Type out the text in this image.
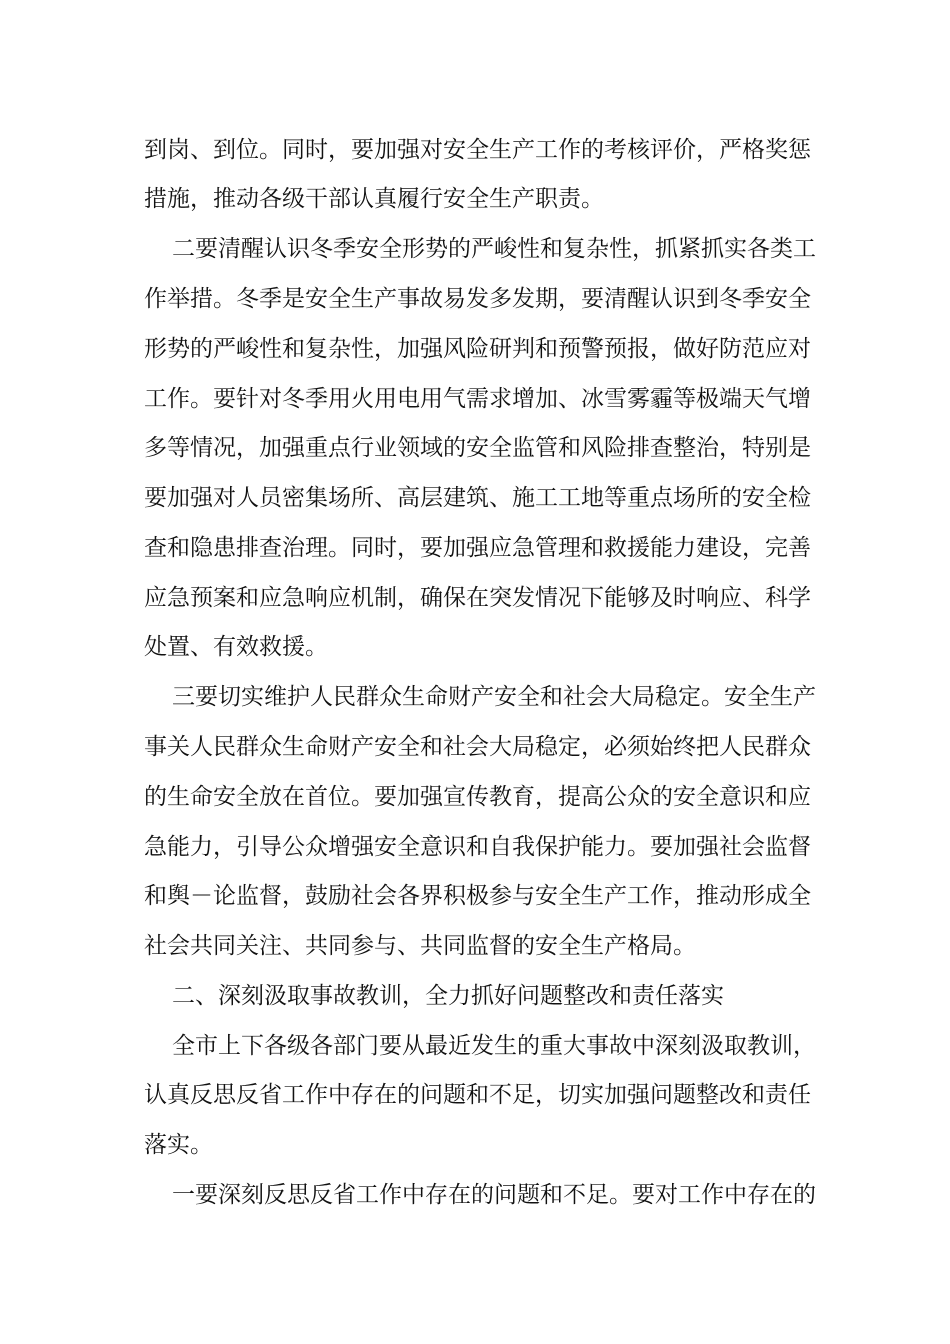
到岗、到位。同时，要加强对安全生产工作的考核评价，严格奖惩
措施，推动各级干部认真履行安全生产职责。
二要清醒认识冬季安全形势的严峻性和复杂性，抓紧抓实各类工
作举措。冬季是安全生产事故易发多发期，要清醒认识到冬季安全
形势的严峻性和复杂性，加强风险研判和预警预报，做好防范应对
工作。要针对冬季用火用电用气需求增加、冰雪雾霾等极端天气增
多等情况，加强重点行业领域的安全监管和风险排查整治，特别是
要加强对人员密集场所、高层建筑、施工工地等重点场所的安全检
查和隐患排查治理。同时，要加强应急管理和救援能力建设，完善
应急预案和应急响应机制，确保在突发情况下能够及时响应、科学
处置、有效救援。
三要切实维护人民群众生命财产安全和社会大局稳定。安全生产
事关人民群众生命财产安全和社会大局稳定，必须始终把人民群众
的生命安全放在首位。要加强宣传教育，提高公众的安全意识和应
急能力，引导公众增强安全意识和自我保护能力。要加强社会监督
和舆－论监督，鼓励社会各界积极参与安全生产工作，推动形成全
社会共同关注、共同参与、共同监督的安全生产格局。
二、深刻汲取事故教训，全力抓好问题整改和责任落实
全市上下各级各部门要从最近发生的重大事故中深刻汲取教训，
认真反思反省工作中存在的问题和不足，切实加强问题整改和责任
落实。
一要深刻反思反省工作中存在的问题和不足。要对工作中存在的
